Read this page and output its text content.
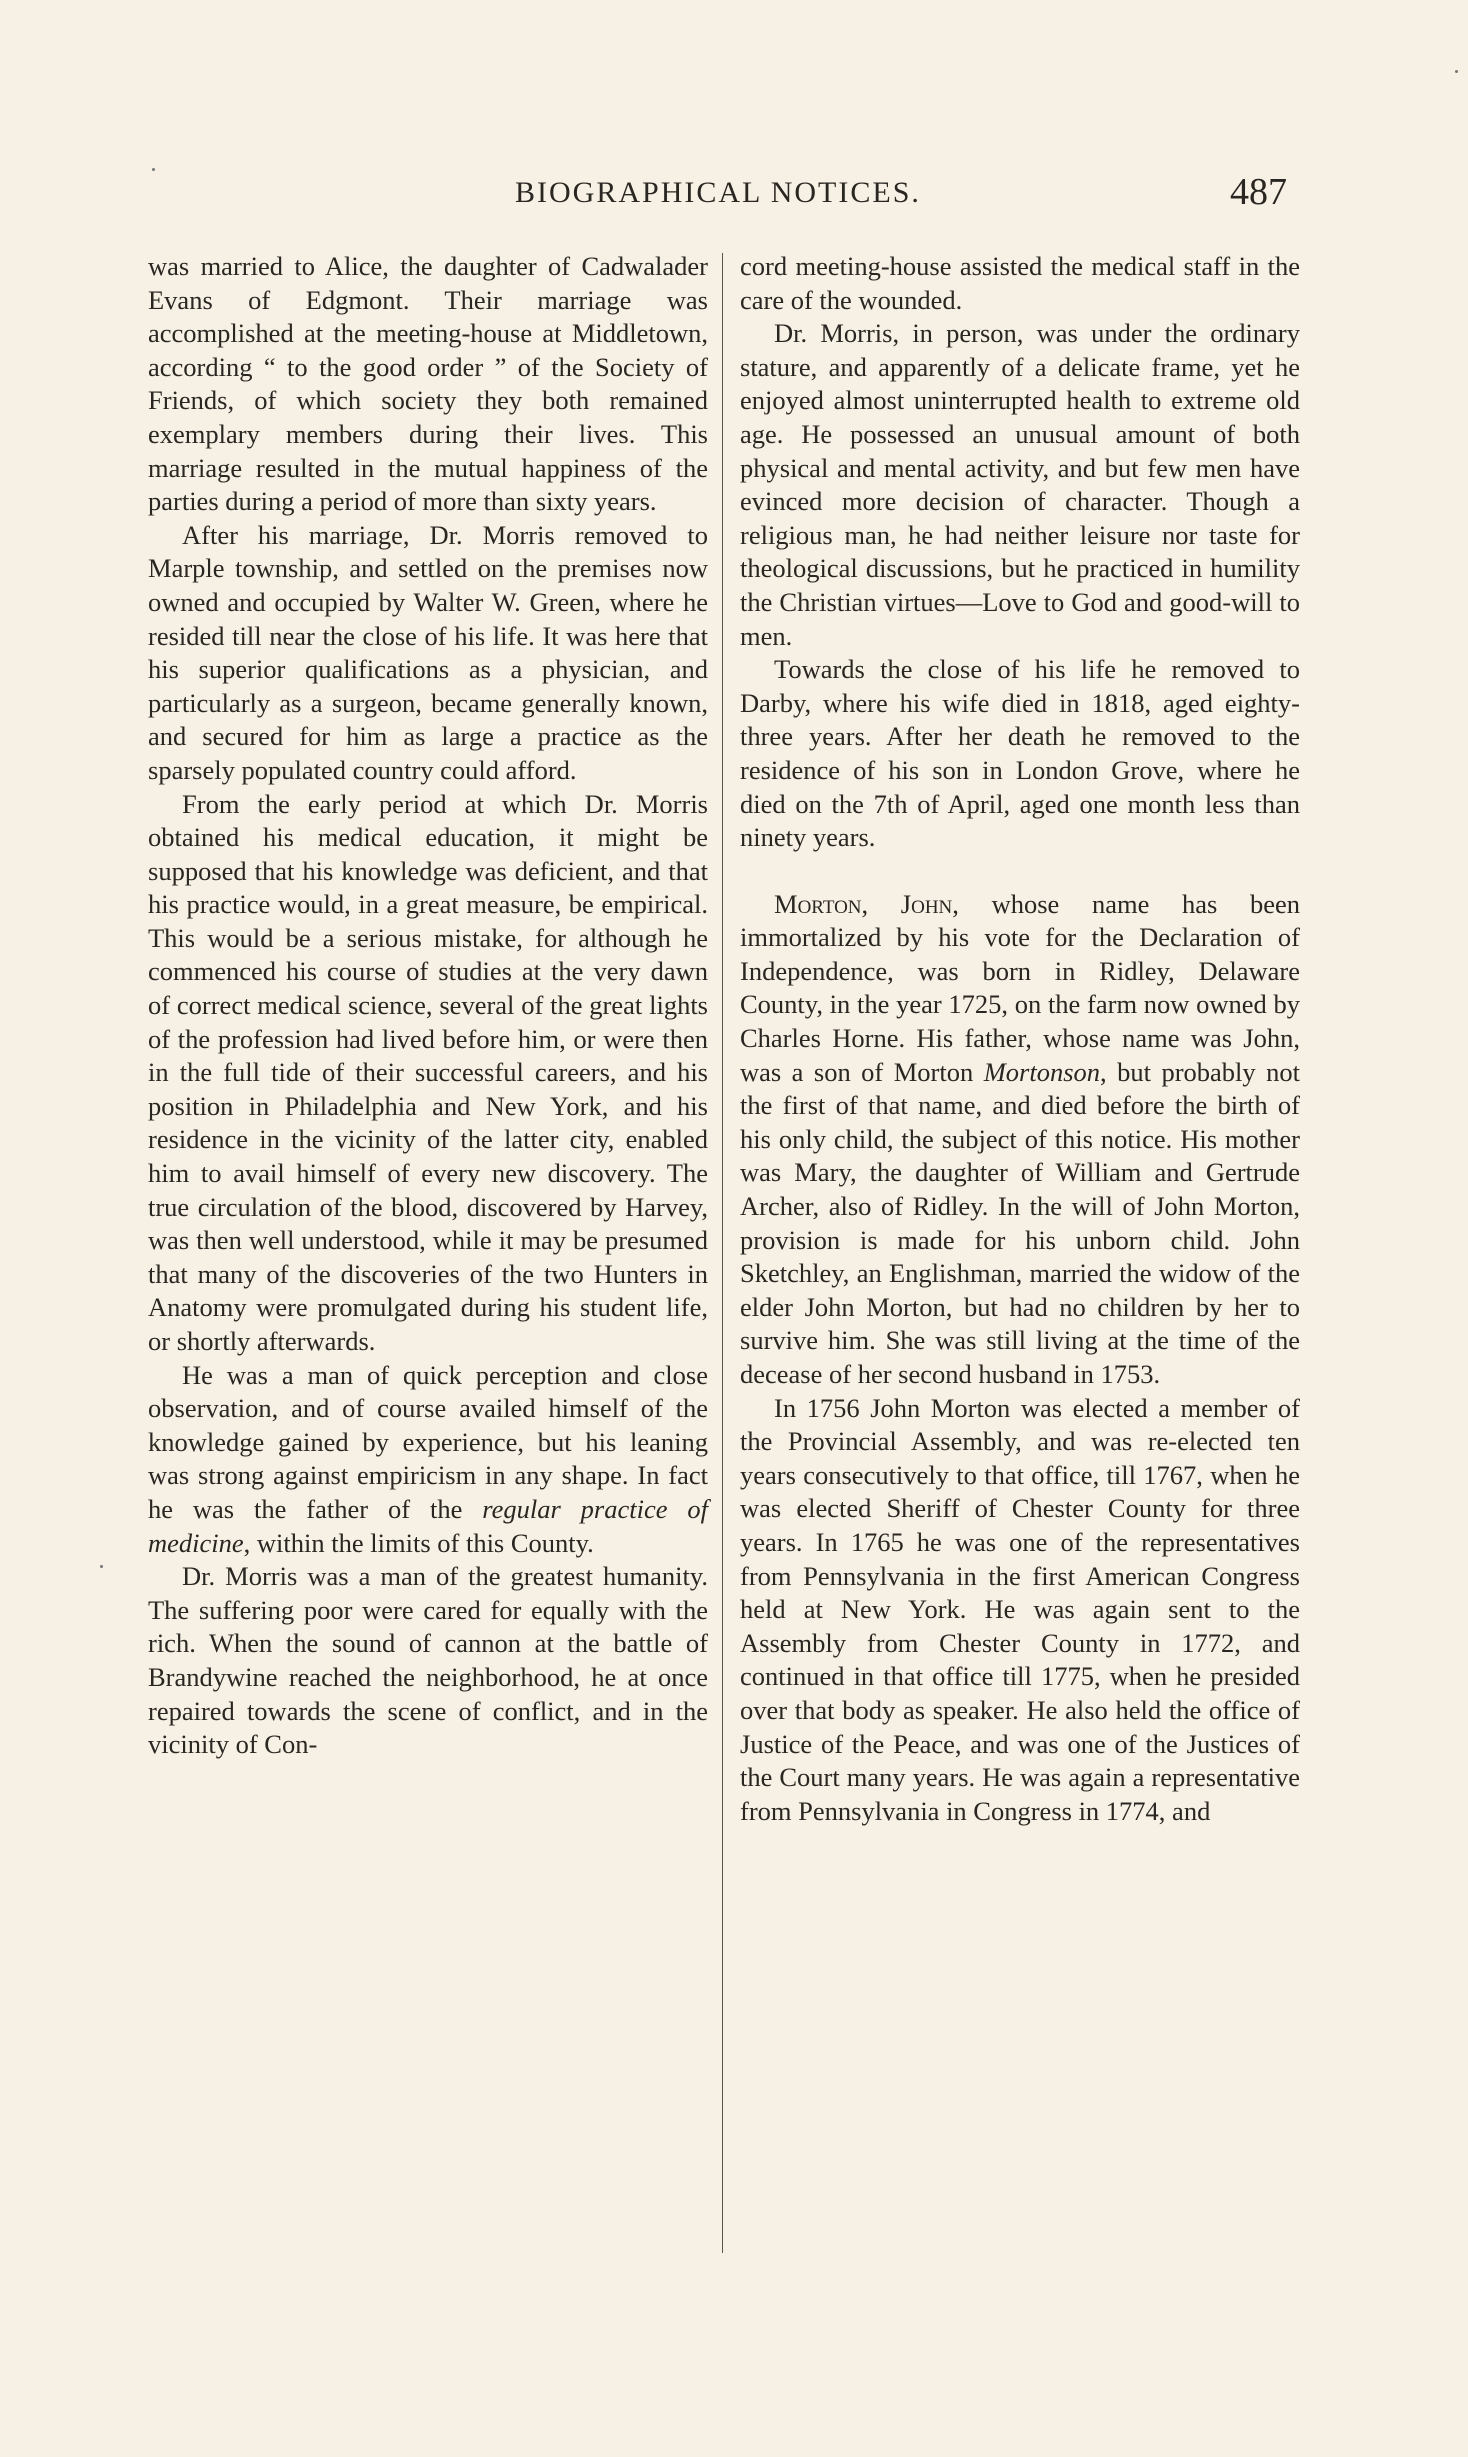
BIOGRAPHICAL NOTICES.	487

was married to Alice, the daughter of Cadwalader Evans of Edgmont. Their marriage was accomplished at the meeting-house at Middletown, according “ to the good order ” of the Society of Friends, of which society they both remained exemplary members during their lives. This marriage resulted in the mutual happiness of the parties during a period of more than sixty years.

After his marriage, Dr. Morris removed to Marple township, and settled on the premises now owned and occupied by Walter W. Green, where he resided till near the close of his life. It was here that his superior qualifications as a physician, and particularly as a surgeon, became generally known, and secured for him as large a practice as the sparsely populated country could afford.

From the early period at which Dr. Morris obtained his medical education, it might be supposed that his knowledge was deficient, and that his practice would, in a great measure, be empirical. This would be a serious mistake, for although he commenced his course of studies at the very dawn of correct medical science, several of the great lights of the profession had lived before him, or were then in the full tide of their successful careers, and his position in Philadelphia and New York, and his residence in the vicinity of the latter city, enabled him to avail himself of every new discovery. The true circulation of the blood, discovered by Harvey, was then well understood, while it may be presumed that many of the discoveries of the two Hunters in Anatomy were promulgated during his student life, or shortly afterwards.

He was a man of quick perception and close observation, and of course availed himself of the knowledge gained by experience, but his leaning was strong against empiricism in any shape. In fact he was the father of the regular practice of medicine, within the limits of this County.

Dr. Morris was a man of the greatest humanity. The suffering poor were cared for equally with the rich. When the sound of cannon at the battle of Brandywine reached the neighborhood, he at once repaired towards the scene of conflict, and in the vicinity of Con-

cord meeting-house assisted the medical staff in the care of the wounded.

Dr. Morris, in person, was under the ordinary stature, and apparently of a delicate frame, yet he enjoyed almost uninterrupted health to extreme old age. He possessed an unusual amount of both physical and mental activity, and but few men have evinced more decision of character. Though a religious man, he had neither leisure nor taste for theological discussions, but he practiced in humility the Christian virtues—Love to God and good-will to men.

Towards the close of his life he removed to Darby, where his wife died in 1818, aged eighty-three years. After her death he removed to the residence of his son in London Grove, where he died on the 7th of April, aged one month less than ninety years.

Morton, John, whose name has been immortalized by his vote for the Declaration of Independence, was born in Ridley, Delaware County, in the year 1725, on the farm now owned by Charles Horne. His father, whose name was John, was a son of Morton Mortonson, but probably not the first of that name, and died before the birth of his only child, the subject of this notice. His mother was Mary, the daughter of William and Gertrude Archer, also of Ridley. In the will of John Morton, provision is made for his unborn child. John Sketchley, an Englishman, married the widow of the elder John Morton, but had no children by her to survive him. She was still living at the time of the decease of her second husband in 1753.

In 1756 John Morton was elected a member of the Provincial Assembly, and was re-elected ten years consecutively to that office, till 1767, when he was elected Sheriff of Chester County for three years. In 1765 he was one of the representatives from Pennsylvania in the first American Congress held at New York. He was again sent to the Assembly from Chester County in 1772, and continued in that office till 1775, when he presided over that body as speaker. He also held the office of Justice of the Peace, and was one of the Justices of the Court many years. He was again a representative from Pennsylvania in Congress in 1774, and
